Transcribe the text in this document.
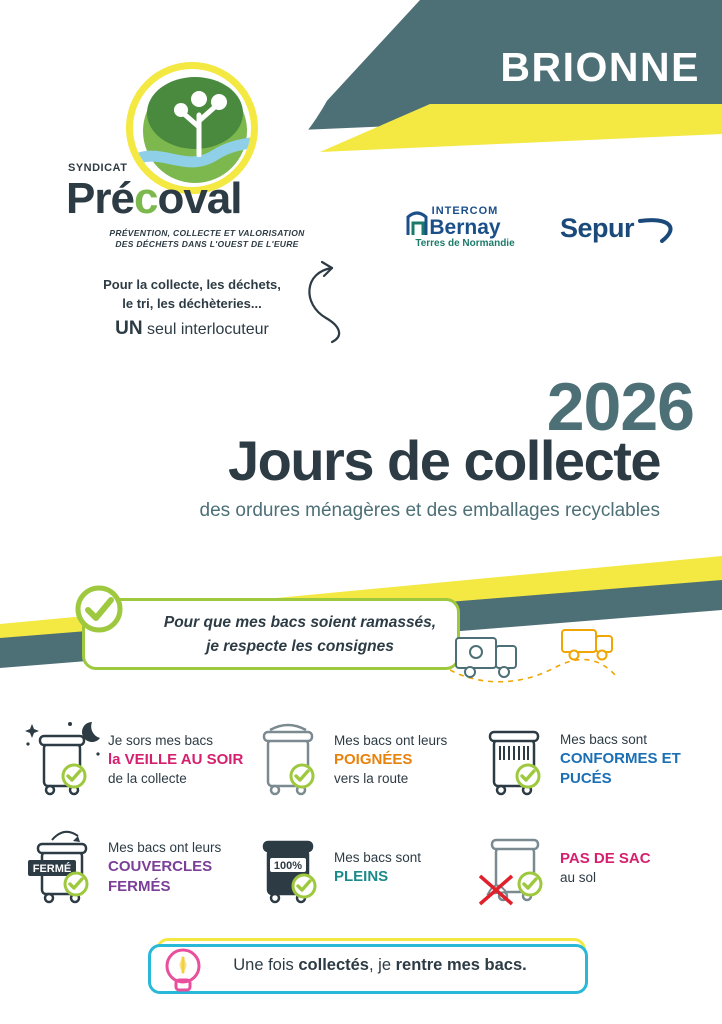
BRIONNE
SYNDICAT
Précoval
PRÉVENTION, COLLECTE ET VALORISATION
DES DÉCHETS DANS L'OUEST DE L'EURE
INTERCOM
Bernay
Terres de Normandie
Sepur
Pour la collecte, les déchets,
le tri, les déchèteries...
UN seul interlocuteur
2026
Jours de collecte
des ordures ménagères et des emballages recyclables
Pour que mes bacs soient ramassés,
je respecte les consignes
Je sors mes bacs
la VEILLE AU SOIR
de la collecte
Mes bacs ont leurs
POIGNÉES
vers la route
Mes bacs sont
CONFORMES ET PUCÉS
FERMÉ
Mes bacs ont leurs
COUVERCLES FERMÉS
100%
Mes bacs sont
PLEINS
PAS DE SAC
au sol
Une fois collectés, je rentre mes bacs.
